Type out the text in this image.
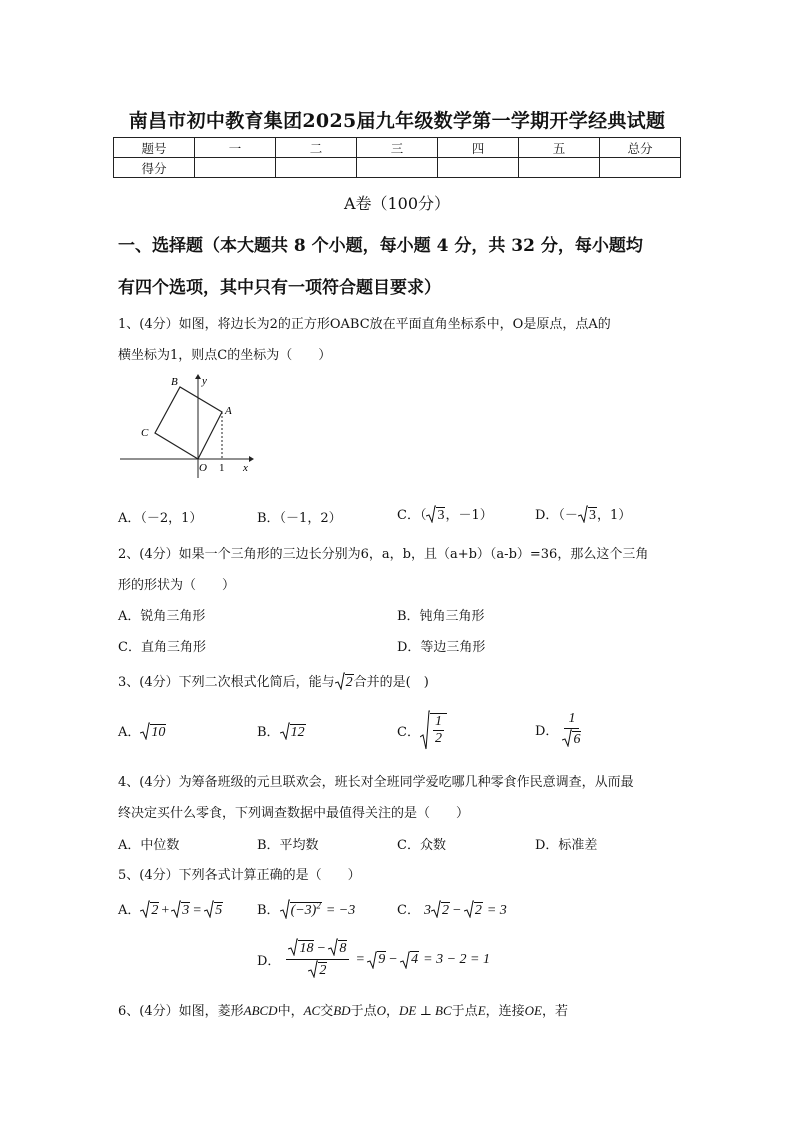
南昌市初中教育集团2025届九年级数学第一学期开学经典试题
题号	一	二	三	四	五	总分
得分						
A卷（100分）
一、选择题（本大题共 8 个小题，每小题 4 分，共 32 分，每小题均
有四个选项，其中只有一项符合题目要求）
1、(4分）如图，将边长为2的正方形OABC放在平面直角坐标系中，O是原点，点A的
横坐标为1，则点C的坐标为（　　）
B y
A
C
O 1 x
A．（－2，1）	B．（－1，2）	C．（ 3，－1）	D．（－ 3，1）
2、(4分）如果一个三角形的三边长分别为6，a，b，且（a+b）（a-b）=36，那么这个三角
形的形状为（　　）
A．锐角三角形	B．钝角三角形
C．直角三角形	D．等边三角形
3、(4分）下列二次根式化简后，能与 2合并的是(　)
A． 10	B． 12	C． $\frac{1}{2}$	D． $\frac{1}{6}$
4、(4分）为筹备班级的元旦联欢会，班长对全班同学爱吃哪几种零食作民意调查，从而最
终决定买什么零食，下列调查数据中最值得关注的是（　　）
A．中位数	B．平均数	C．众数	D．标准差
5、(4分）下列各式计算正确的是（　　）
A． 2 + 3 = 5	B． $(-3)^2 = -3$	C． 3 2 − 2 = 3
D． $\frac{18 - 8}{2} = 9 - 4 = 3 - 2 = 1$
6、(4分）如图，菱形ABCD中，AC交BD于点O，DE ⊥ BC于点E，连接OE，若
